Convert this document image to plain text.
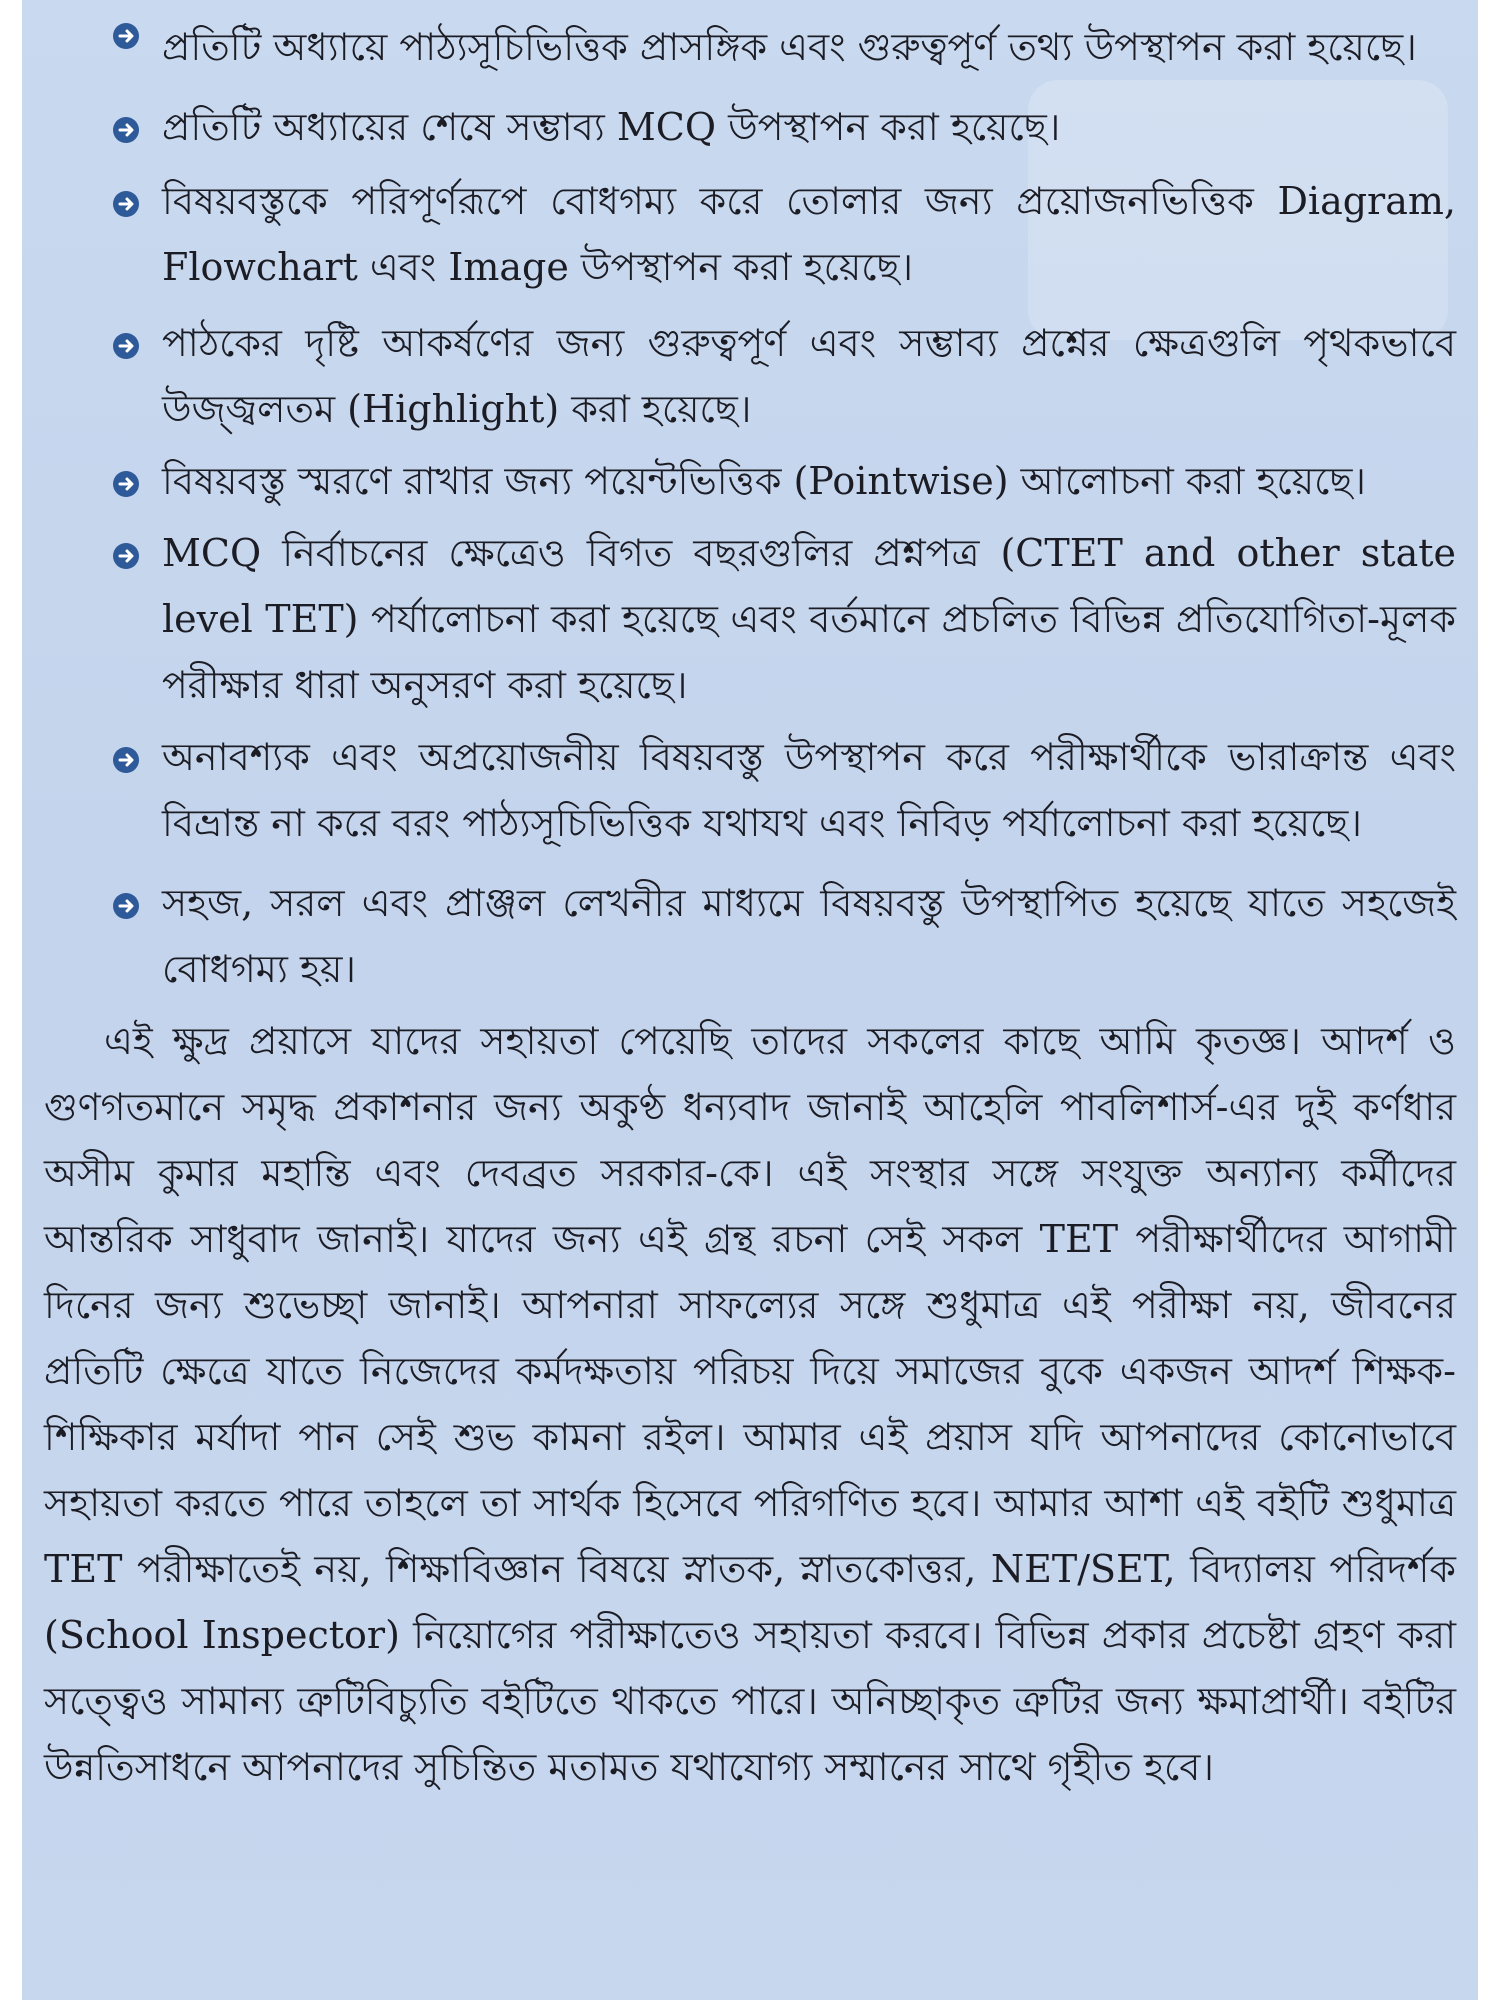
প্রতিটি অধ্যায়ে পাঠ্যসূচিভিত্তিক প্রাসঙ্গিক এবং গুরুত্বপূর্ণ তথ্য উপস্থাপন করা হয়েছে।
প্রতিটি অধ্যায়ের শেষে সম্ভাব্য MCQ উপস্থাপন করা হয়েছে।
বিষয়বস্তুকে পরিপূর্ণরূপে বোধগম্য করে তোলার জন্য প্রয়োজনভিত্তিক Diagram, Flowchart এবং Image উপস্থাপন করা হয়েছে।
পাঠকের দৃষ্টি আকর্ষণের জন্য গুরুত্বপূর্ণ এবং সম্ভাব্য প্রশ্নের ক্ষেত্রগুলি পৃথকভাবে উজ্জ্বলতম (Highlight) করা হয়েছে।
বিষয়বস্তু স্মরণে রাখার জন্য পয়েন্টভিত্তিক (Pointwise) আলোচনা করা হয়েছে।
MCQ নির্বাচনের ক্ষেত্রেও বিগত বছরগুলির প্রশ্নপত্র (CTET and other state level TET) পর্যালোচনা করা হয়েছে এবং বর্তমানে প্রচলিত বিভিন্ন প্রতিযোগিতা-মূলক পরীক্ষার ধারা অনুসরণ করা হয়েছে।
অনাবশ্যক এবং অপ্রয়োজনীয় বিষয়বস্তু উপস্থাপন করে পরীক্ষার্থীকে ভারাক্রান্ত এবং বিভ্রান্ত না করে বরং পাঠ্যসূচিভিত্তিক যথাযথ এবং নিবিড় পর্যালোচনা করা হয়েছে।
সহজ, সরল এবং প্রাঞ্জল লেখনীর মাধ্যমে বিষয়বস্তু উপস্থাপিত হয়েছে যাতে সহজেই বোধগম্য হয়।

এই ক্ষুদ্র প্রয়াসে যাদের সহায়তা পেয়েছি তাদের সকলের কাছে আমি কৃতজ্ঞ। আদর্শ ও গুণগতমানে সমৃদ্ধ প্রকাশনার জন্য অকুণ্ঠ ধন্যবাদ জানাই আহেলি পাবলিশার্স-এর দুই কর্ণধার অসীম কুমার মহান্তি এবং দেবব্রত সরকার-কে। এই সংস্থার সঙ্গে সংযুক্ত অন্যান্য কর্মীদের আন্তরিক সাধুবাদ জানাই। যাদের জন্য এই গ্রন্থ রচনা সেই সকল TET পরীক্ষার্থীদের আগামী দিনের জন্য শুভেচ্ছা জানাই। আপনারা সাফল্যের সঙ্গে শুধুমাত্র এই পরীক্ষা নয়, জীবনের প্রতিটি ক্ষেত্রে যাতে নিজেদের কর্মদক্ষতায় পরিচয় দিয়ে সমাজের বুকে একজন আদর্শ শিক্ষক-শিক্ষিকার মর্যাদা পান সেই শুভ কামনা রইল। আমার এই প্রয়াস যদি আপনাদের কোনোভাবে সহায়তা করতে পারে তাহলে তা সার্থক হিসেবে পরিগণিত হবে। আমার আশা এই বইটি শুধুমাত্র TET পরীক্ষাতেই নয়, শিক্ষাবিজ্ঞান বিষয়ে স্নাতক, স্নাতকোত্তর, NET/SET, বিদ্যালয় পরিদর্শক (School Inspector) নিয়োগের পরীক্ষাতেও সহায়তা করবে। বিভিন্ন প্রকার প্রচেষ্টা গ্রহণ করা সত্ত্বেও সামান্য ত্রুটিবিচ্যুতি বইটিতে থাকতে পারে। অনিচ্ছাকৃত ত্রুটির জন্য ক্ষমাপ্রার্থী। বইটির উন্নতিসাধনে আপনাদের সুচিন্তিত মতামত যথাযোগ্য সম্মানের সাথে গৃহীত হবে।
